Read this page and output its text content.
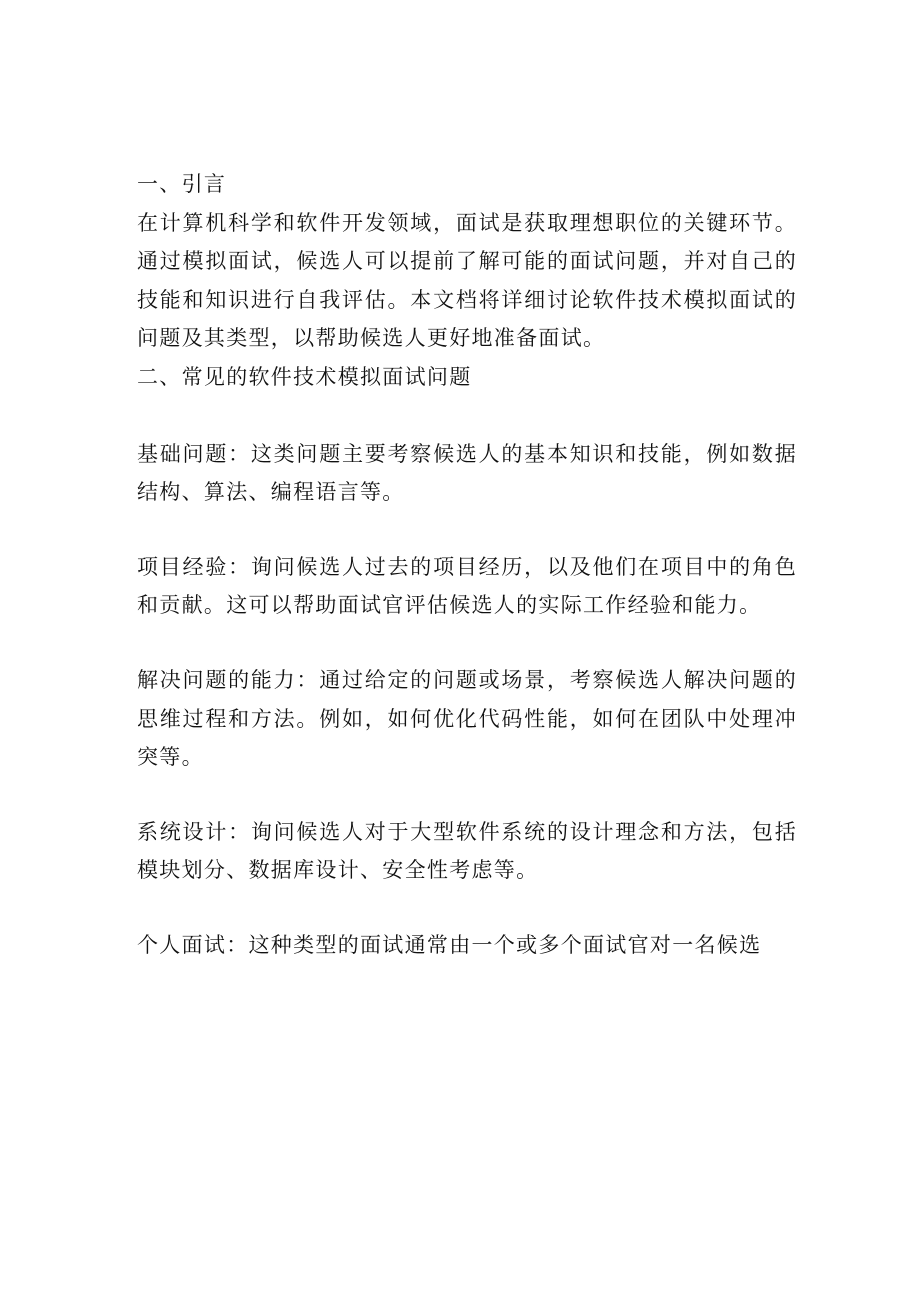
一、引言

在计算机科学和软件开发领域，面试是获取理想职位的关键环节。通过模拟面试，候选人可以提前了解可能的面试问题，并对自己的技能和知识进行自我评估。本文档将详细讨论软件技术模拟面试的问题及其类型，以帮助候选人更好地准备面试。

二、常见的软件技术模拟面试问题

基础问题：这类问题主要考察候选人的基本知识和技能，例如数据结构、算法、编程语言等。

项目经验：询问候选人过去的项目经历，以及他们在项目中的角色和贡献。这可以帮助面试官评估候选人的实际工作经验和能力。

解决问题的能力：通过给定的问题或场景，考察候选人解决问题的思维过程和方法。例如，如何优化代码性能，如何在团队中处理冲突等。

系统设计：询问候选人对于大型软件系统的设计理念和方法，包括模块划分、数据库设计、安全性考虑等。

个人面试：这种类型的面试通常由一个或多个面试官对一名候选
